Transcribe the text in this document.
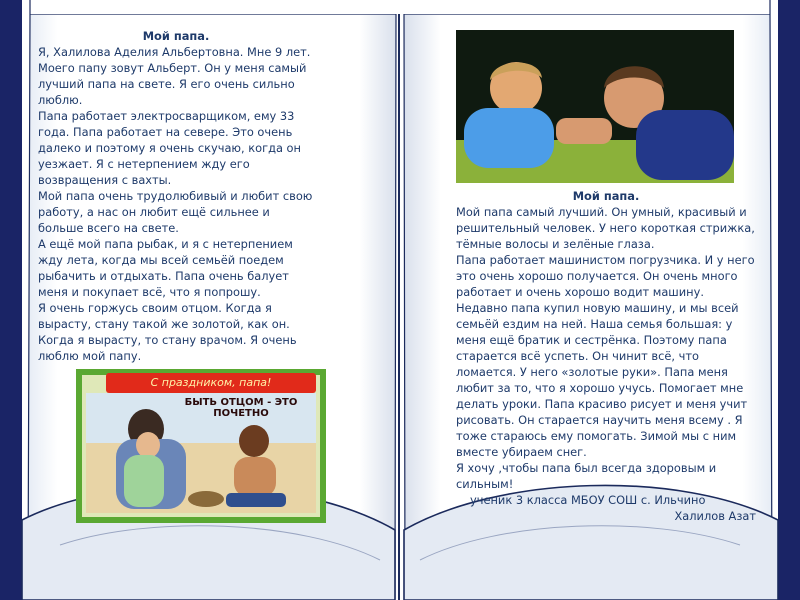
Мой папа.

Я, Халилова Аделия Альбертовна. Мне 9 лет. Моего папу зовут Альберт. Он у меня самый лучший папа на свете. Я его очень сильно люблю.

Папа работает электросварщиком, ему 33 года. Папа работает на севере. Это очень далеко и поэтому я очень скучаю, когда он уезжает. Я с нетерпением жду его возвращения с вахты.

Мой папа очень трудолюбивый и любит свою работу, а нас он любит ещё сильнее и больше всего на свете.

А ещё мой папа рыбак, и я с нетерпением жду лета, когда мы всей семьёй поедем рыбачить и отдыхать. Папа очень балует меня и покупает всё, что я попрошу.

Я очень горжусь своим отцом. Когда я вырасту, стану такой же золотой, как он. Когда я вырасту, то стану врачом. Я очень люблю мой папу.

С праздником, папа!
БЫТЬ ОТЦОМ - ЭТО ПОЧЕТНО

Мой папа.

Мой папа самый лучший. Он умный, красивый и решительный человек. У него короткая стрижка, тёмные волосы и зелёные глаза.

Папа работает машинистом погрузчика. И у него это очень хорошо получается. Он очень много работает и очень хорошо водит машину. Недавно папа купил новую машину, и мы всей семьёй ездим на ней. Наша семья большая: у меня ещё братик и сестрёнка. Поэтому папа старается всё успеть. Он чинит всё, что ломается. У него «золотые руки». Папа меня любит за то, что я хорошо учусь. Помогает мне делать уроки. Папа красиво рисует и меня учит рисовать. Он старается научить меня всему . Я тоже стараюсь ему помогать. Зимой мы с ним вместе убираем снег.

Я хочу ,чтобы папа был всегда здоровым и сильным!

ученик 3 класса МБОУ СОШ с. Ильчино

Халилов Азат
